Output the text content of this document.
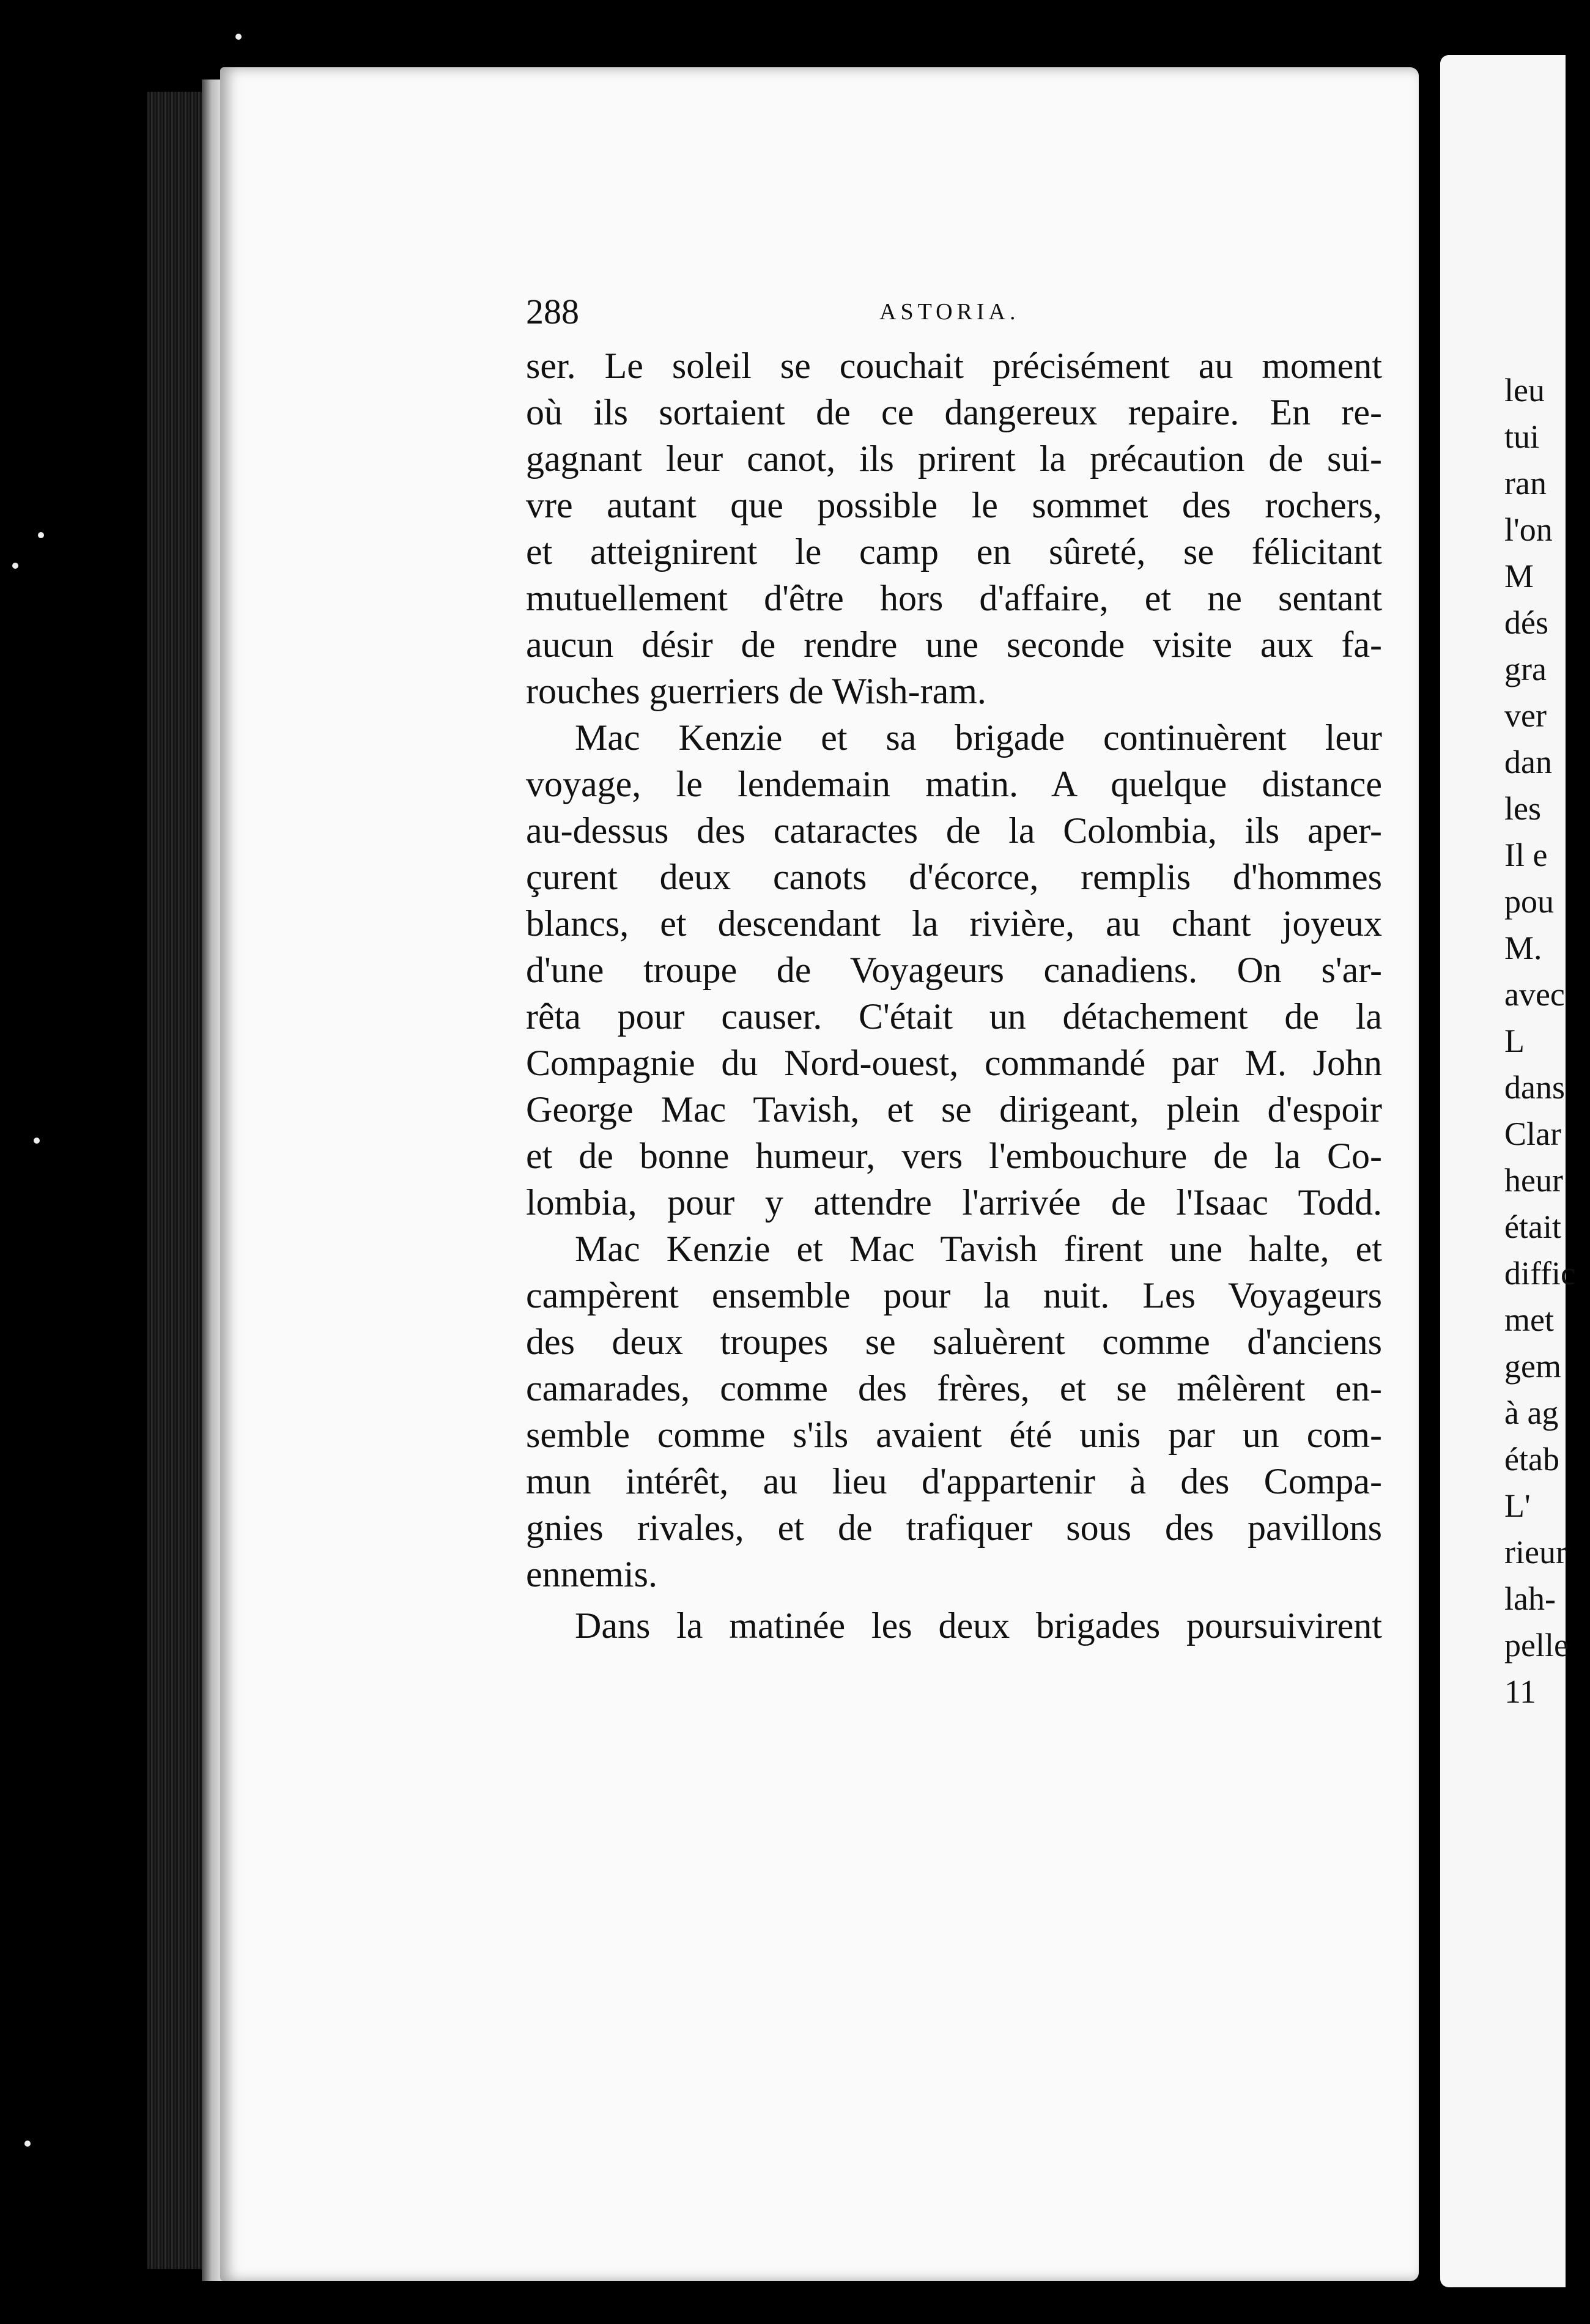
288	ASTORIA.
ser. Le soleil se couchait précisément au moment
où ils sortaient de ce dangereux repaire. En re-
gagnant leur canot, ils prirent la précaution de sui-
vre autant que possible le sommet des rochers,
et atteignirent le camp en sûreté, se félicitant
mutuellement d'être hors d'affaire, et ne sentant
aucun désir de rendre une seconde visite aux fa-
rouches guerriers de Wish-ram.
Mac Kenzie et sa brigade continuèrent leur
voyage, le lendemain matin. A quelque distance
au-dessus des cataractes de la Colombia, ils aper-
çurent deux canots d'écorce, remplis d'hommes
blancs, et descendant la rivière, au chant joyeux
d'une troupe de Voyageurs canadiens. On s'ar-
rêta pour causer. C'était un détachement de la
Compagnie du Nord-ouest, commandé par M. John
George Mac Tavish, et se dirigeant, plein d'espoir
et de bonne humeur, vers l'embouchure de la Co-
lombia, pour y attendre l'arrivée de l'Isaac Todd.
Mac Kenzie et Mac Tavish firent une halte, et
campèrent ensemble pour la nuit. Les Voyageurs
des deux troupes se saluèrent comme d'anciens
camarades, comme des frères, et se mêlèrent en-
semble comme s'ils avaient été unis par un com-
mun intérêt, au lieu d'appartenir à des Compa-
gnies rivales, et de trafiquer sous des pavillons
ennemis.
Dans la matinée les deux brigades poursuivirent
leu
tui
ran
l'on
M
dés
gra
ver
dan
les
Il e
pou
M.
avec
L
dans
Clar
heur
était
diffic
met
gem
à ag
étab
L'
rieur
lah-
pelle
11
